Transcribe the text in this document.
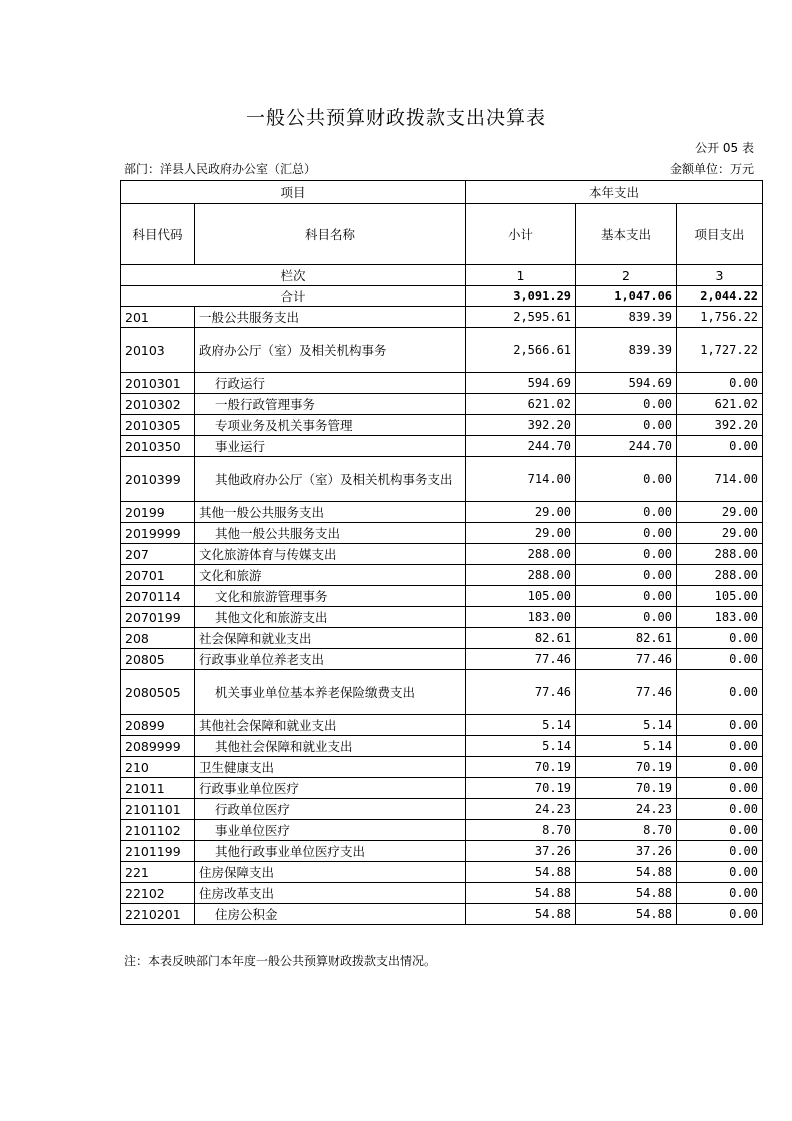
一般公共预算财政拨款支出决算表
公开 05 表
部门：洋县人民政府办公室（汇总）	金额单位：万元
项目		本年支出		
科目代码	科目名称	小计	基本支出	项目支出
栏次		1	2	3
合计		3,091.29	1,047.06	2,044.22
201	一般公共服务支出	2,595.61	839.39	1,756.22
20103	政府办公厅（室）及相关机构事务	2,566.61	839.39	1,727.22
2010301	行政运行	594.69	594.69	0.00
2010302	一般行政管理事务	621.02	0.00	621.02
2010305	专项业务及机关事务管理	392.20	0.00	392.20
2010350	事业运行	244.70	244.70	0.00
2010399	其他政府办公厅（室）及相关机构事务支出	714.00	0.00	714.00
20199	其他一般公共服务支出	29.00	0.00	29.00
2019999	其他一般公共服务支出	29.00	0.00	29.00
207	文化旅游体育与传媒支出	288.00	0.00	288.00
20701	文化和旅游	288.00	0.00	288.00
2070114	文化和旅游管理事务	105.00	0.00	105.00
2070199	其他文化和旅游支出	183.00	0.00	183.00
208	社会保障和就业支出	82.61	82.61	0.00
20805	行政事业单位养老支出	77.46	77.46	0.00
2080505	机关事业单位基本养老保险缴费支出	77.46	77.46	0.00
20899	其他社会保障和就业支出	5.14	5.14	0.00
2089999	其他社会保障和就业支出	5.14	5.14	0.00
210	卫生健康支出	70.19	70.19	0.00
21011	行政事业单位医疗	70.19	70.19	0.00
2101101	行政单位医疗	24.23	24.23	0.00
2101102	事业单位医疗	8.70	8.70	0.00
2101199	其他行政事业单位医疗支出	37.26	37.26	0.00
221	住房保障支出	54.88	54.88	0.00
22102	住房改革支出	54.88	54.88	0.00
2210201	住房公积金	54.88	54.88	0.00
注：本表反映部门本年度一般公共预算财政拨款支出情况。
